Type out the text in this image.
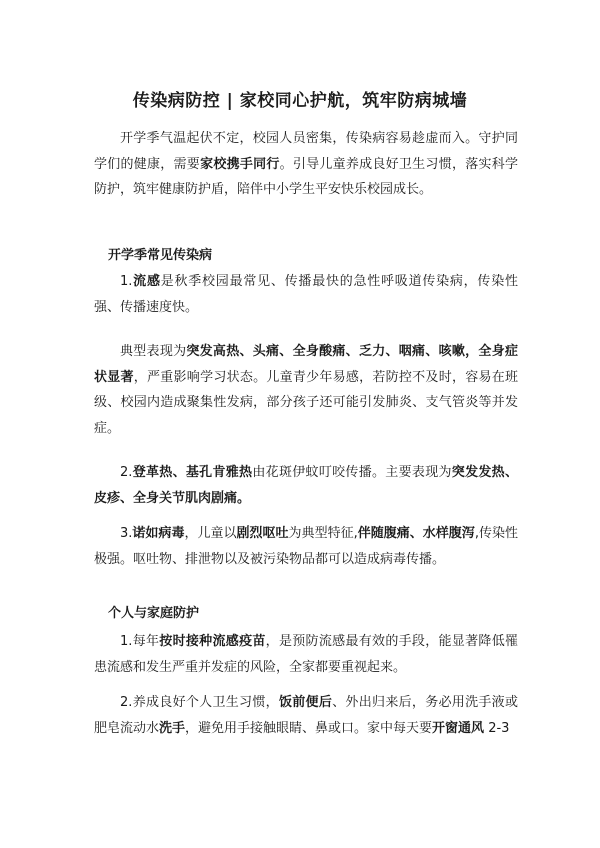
传染病防控 | 家校同心护航，筑牢防病城墙

开学季气温起伏不定，校园人员密集，传染病容易趁虚而入。守护同学们的健康，需要家校携手同行。引导儿童养成良好卫生习惯，落实科学防护，筑牢健康防护盾，陪伴中小学生平安快乐校园成长。

开学季常见传染病

1.流感是秋季校园最常见、传播最快的急性呼吸道传染病，传染性强、传播速度快。

典型表现为突发高热、头痛、全身酸痛、乏力、咽痛、咳嗽，全身症状显著，严重影响学习状态。儿童青少年易感，若防控不及时，容易在班级、校园内造成聚集性发病，部分孩子还可能引发肺炎、支气管炎等并发症。

2.登革热、基孔肯雅热由花斑伊蚊叮咬传播。主要表现为突发发热、皮疹、全身关节肌肉剧痛。

3.诺如病毒，儿童以剧烈呕吐为典型特征,伴随腹痛、水样腹泻,传染性极强。呕吐物、排泄物以及被污染物品都可以造成病毒传播。

个人与家庭防护

1.每年按时接种流感疫苗，是预防流感最有效的手段，能显著降低罹患流感和发生严重并发症的风险，全家都要重视起来。

2.养成良好个人卫生习惯，饭前便后、外出归来后，务必用洗手液或肥皂流动水洗手，避免用手接触眼睛、鼻或口。家中每天要开窗通风 2-3
